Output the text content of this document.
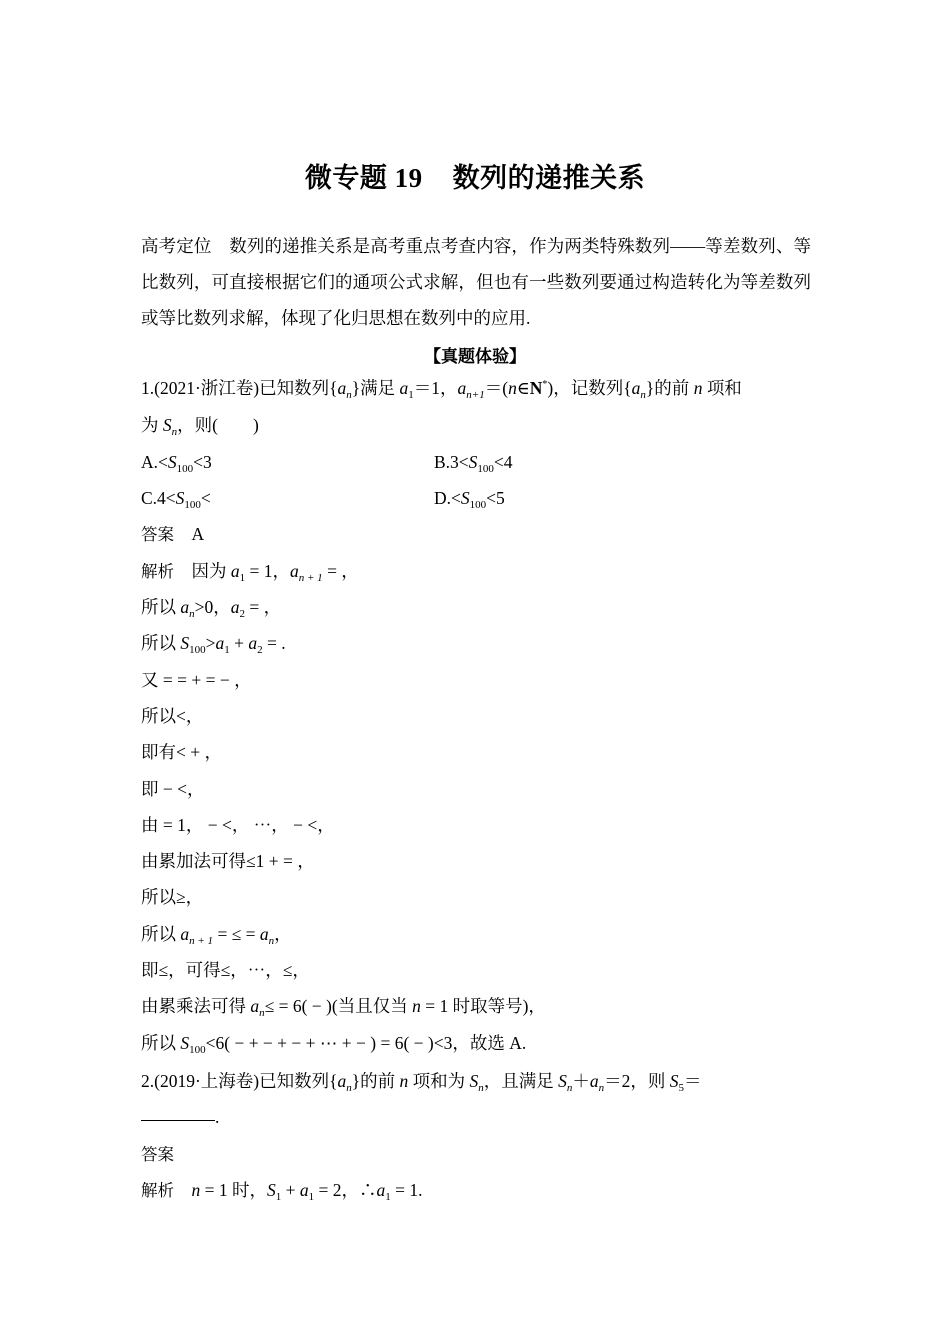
微专题 19 数列的递推关系
高考定位　 数列的递推关系是高考重点考查内容，作为两类特殊数列——等差数列、等比数列，可直接根据它们的通项公式求解，但也有一些数列要通过构造转化为等差数列或等比数列求解，体现了化归思想在数列中的应用.
【真题体验】
1.(2021·浙江卷)已知数列$\{a_n\}$满足 $a_1=1$，$a_{n+1}=(n\in N^*)$，记数列$\{a_n\}$的前 n 项和
为 $S_n$，则(　　)
$A.<S_{100}<3$	$B.3<S_{100}<4$
$C.4<S_{100}<$	$D.<S_{100}<5$
答案　 A
解析　 因为 $a_1 = 1$，$a_{n + 1}$ = ，
所以 $a_n>0$，$a_2$ = ，
所以 $S_{100}>a_1 + a_2$ = .
又 = = + = − ，
所以<，
即有< + ，
即 − <，
由 = 1， − <， ⋯， − <，
由累加法可得≤1 + = ，
所以≥，
所以 $a_{n + 1}$ = ≤ = $a_n$，
即≤，可得≤，⋯，≤，
由累乘法可得 $a_n\le = 6$( − )(当且仅当 n = 1 时取等号)，
所以 $S_{100}<6$( − + − + − + ⋯ + − ) = 6( − )<3，故选 A.
2.(2019·上海卷)已知数列$\{a_n\}$的前 n 项和为 $S_n$，且满足 $S_n+a_n=2$，则 $S_5=$
.
答案
解析　 n = 1 时，$S_1 + a_1 = 2$，$\therefore a_1 = 1$.
